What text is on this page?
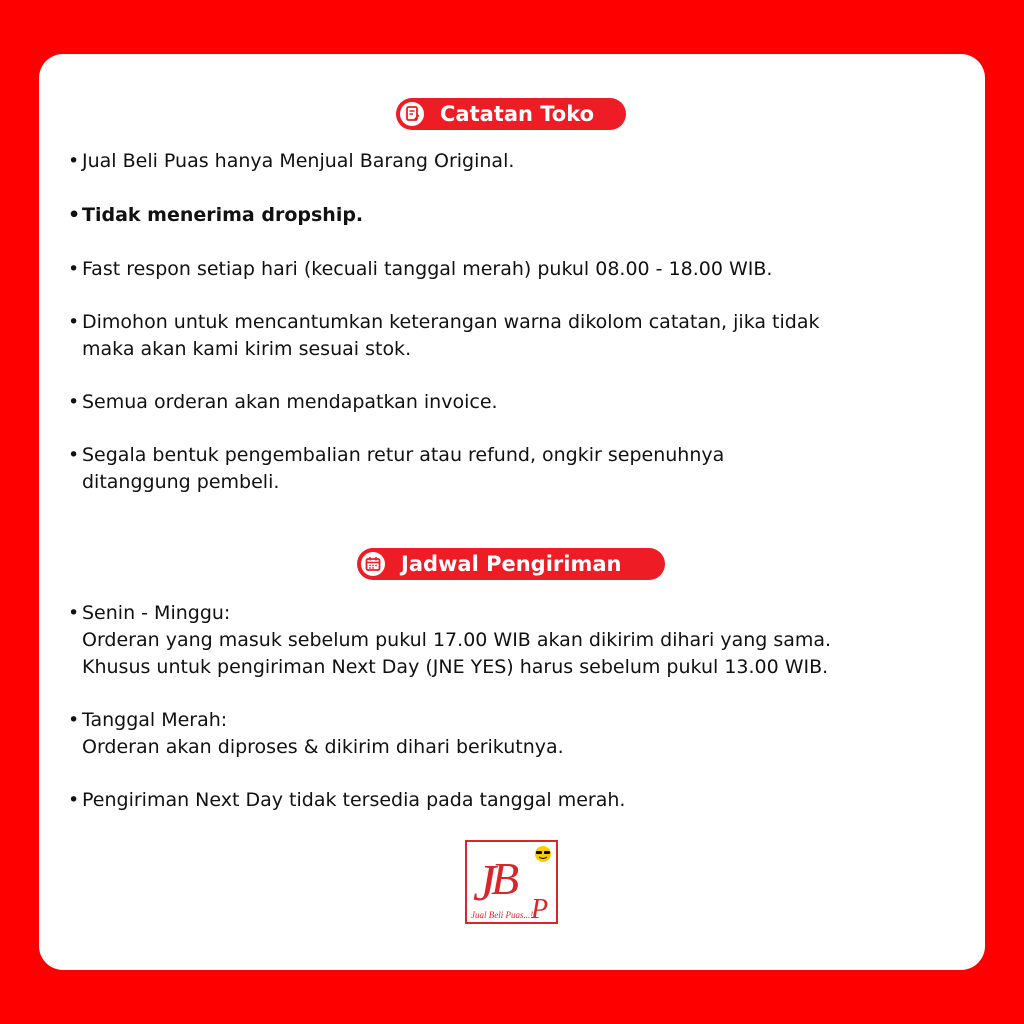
Catatan Toko
• Jual Beli Puas hanya Menjual Barang Original.
• Tidak menerima dropship.
• Fast respon setiap hari (kecuali tanggal merah) pukul 08.00 - 18.00 WIB.
• Dimohon untuk mencantumkan keterangan warna dikolom catatan, jika tidak
maka akan kami kirim sesuai stok.
• Semua orderan akan mendapatkan invoice.
• Segala bentuk pengembalian retur atau refund, ongkir sepenuhnya
ditanggung pembeli.
Jadwal Pengiriman
• Senin - Minggu:
Orderan yang masuk sebelum pukul 17.00 WIB akan dikirim dihari yang sama.
Khusus untuk pengiriman Next Day (JNE YES) harus sebelum pukul 13.00 WIB.
• Tanggal Merah:
Orderan akan diproses & dikirim dihari berikutnya.
• Pengiriman Next Day tidak tersedia pada tanggal merah.
J
B
P
Jual Beli Puas...!!
